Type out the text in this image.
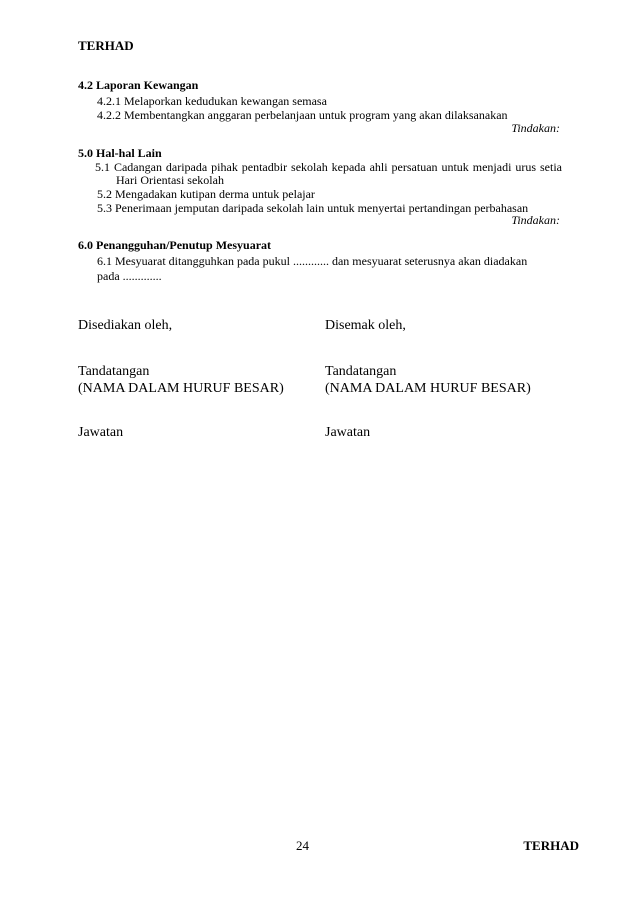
TERHAD
4.2 Laporan Kewangan
4.2.1 Melaporkan kedudukan kewangan semasa
4.2.2 Membentangkan anggaran perbelanjaan untuk program yang akan dilaksanakan
Tindakan:
5.0 Hal-hal Lain
5.1 Cadangan daripada pihak pentadbir sekolah kepada ahli persatuan untuk menjadi urus setia
Hari Orientasi sekolah
5.2 Mengadakan kutipan derma untuk pelajar
5.3 Penerimaan jemputan daripada sekolah lain untuk menyertai pertandingan perbahasan
Tindakan:
6.0 Penangguhan/Penutup Mesyuarat
6.1 Mesyuarat ditangguhkan pada pukul ............ dan mesyuarat seterusnya akan diadakan
pada .............
Disediakan oleh,
Tandatangan
(NAMA DALAM HURUF BESAR)
Jawatan
Disemak oleh,
Tandatangan
(NAMA DALAM HURUF BESAR)
Jawatan
24	TERHAD
